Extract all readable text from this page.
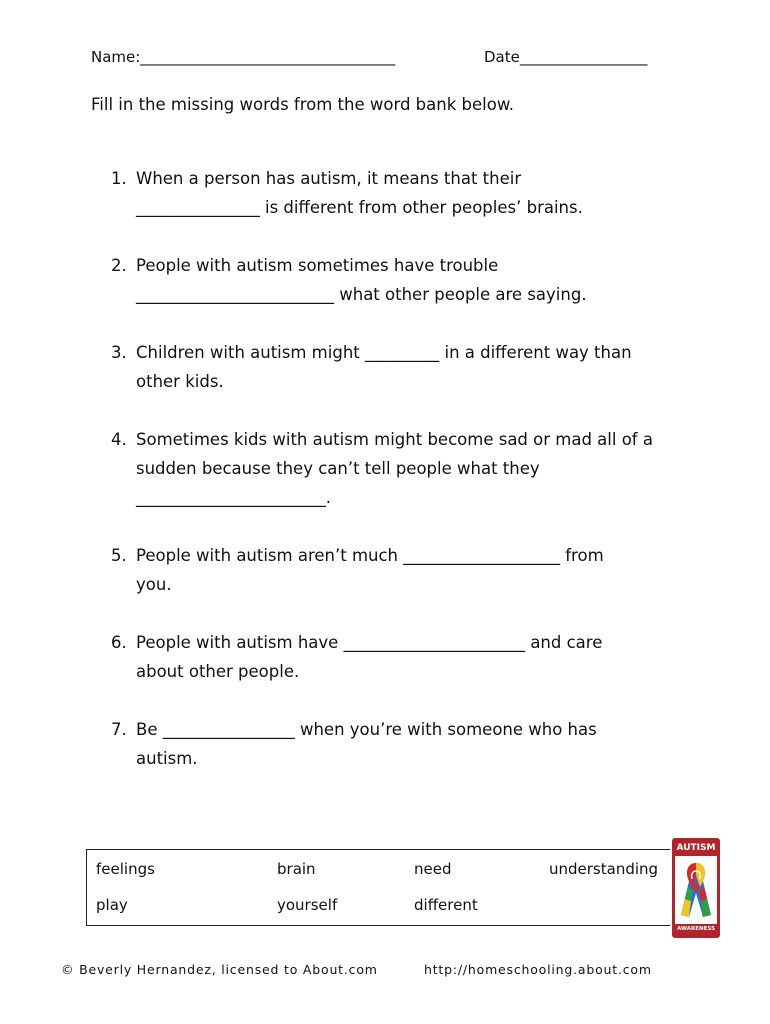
Name:__________________________________	Date_________________
Fill in the missing words from the word bank below.
1. When a person has autism, it means that their
_______________ is different from other peoples’ brains.
2. People with autism sometimes have trouble
________________________ what other people are saying.
3. Children with autism might _________ in a different way than
other kids.
4. Sometimes kids with autism might become sad or mad all of a
sudden because they can’t tell people what they
_______________________.
5. People with autism aren’t much ___________________ from
you.
6. People with autism have ______________________ and care
about other people.
7. Be ________________ when you’re with someone who has
autism.
feelings	brain	need	understanding
play	yourself	different
AUTISM
AWARENESS
© Beverly Hernandez, licensed to About.com	http://homeschooling.about.com
